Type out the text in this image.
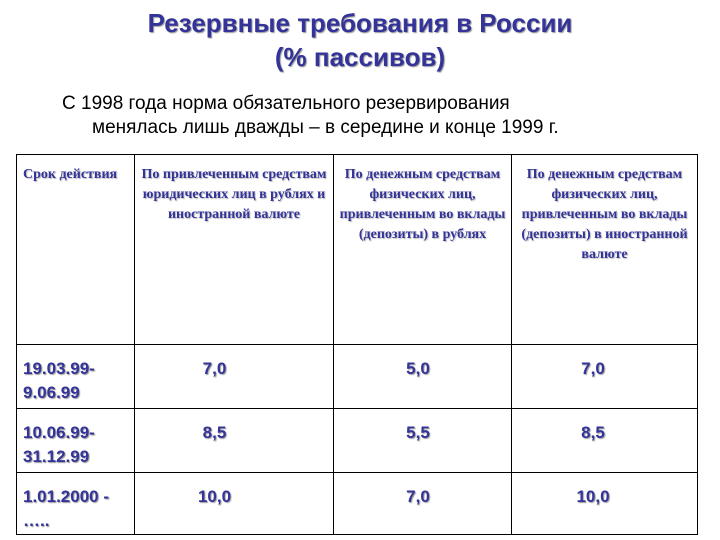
Резервные требования в России
(% пассивов)
С 1998 года норма обязательного резервирования
менялась лишь дважды – в середине и конце 1999 г.
Срок действия	По привлеченным средствам юридических лиц в рублях и иностранной валюте	По денежным средствам физических лиц, привлеченным во вклады (депозиты) в рублях	По денежным средствам физических лиц, привлеченным во вклады (депозиты) в иностранной валюте
19.03.99-9.06.99	7,0	5,0	7,0
10.06.99-31.12.99	8,5	5,5	8,5
1.01.2000 - …..	10,0	7,0	10,0
